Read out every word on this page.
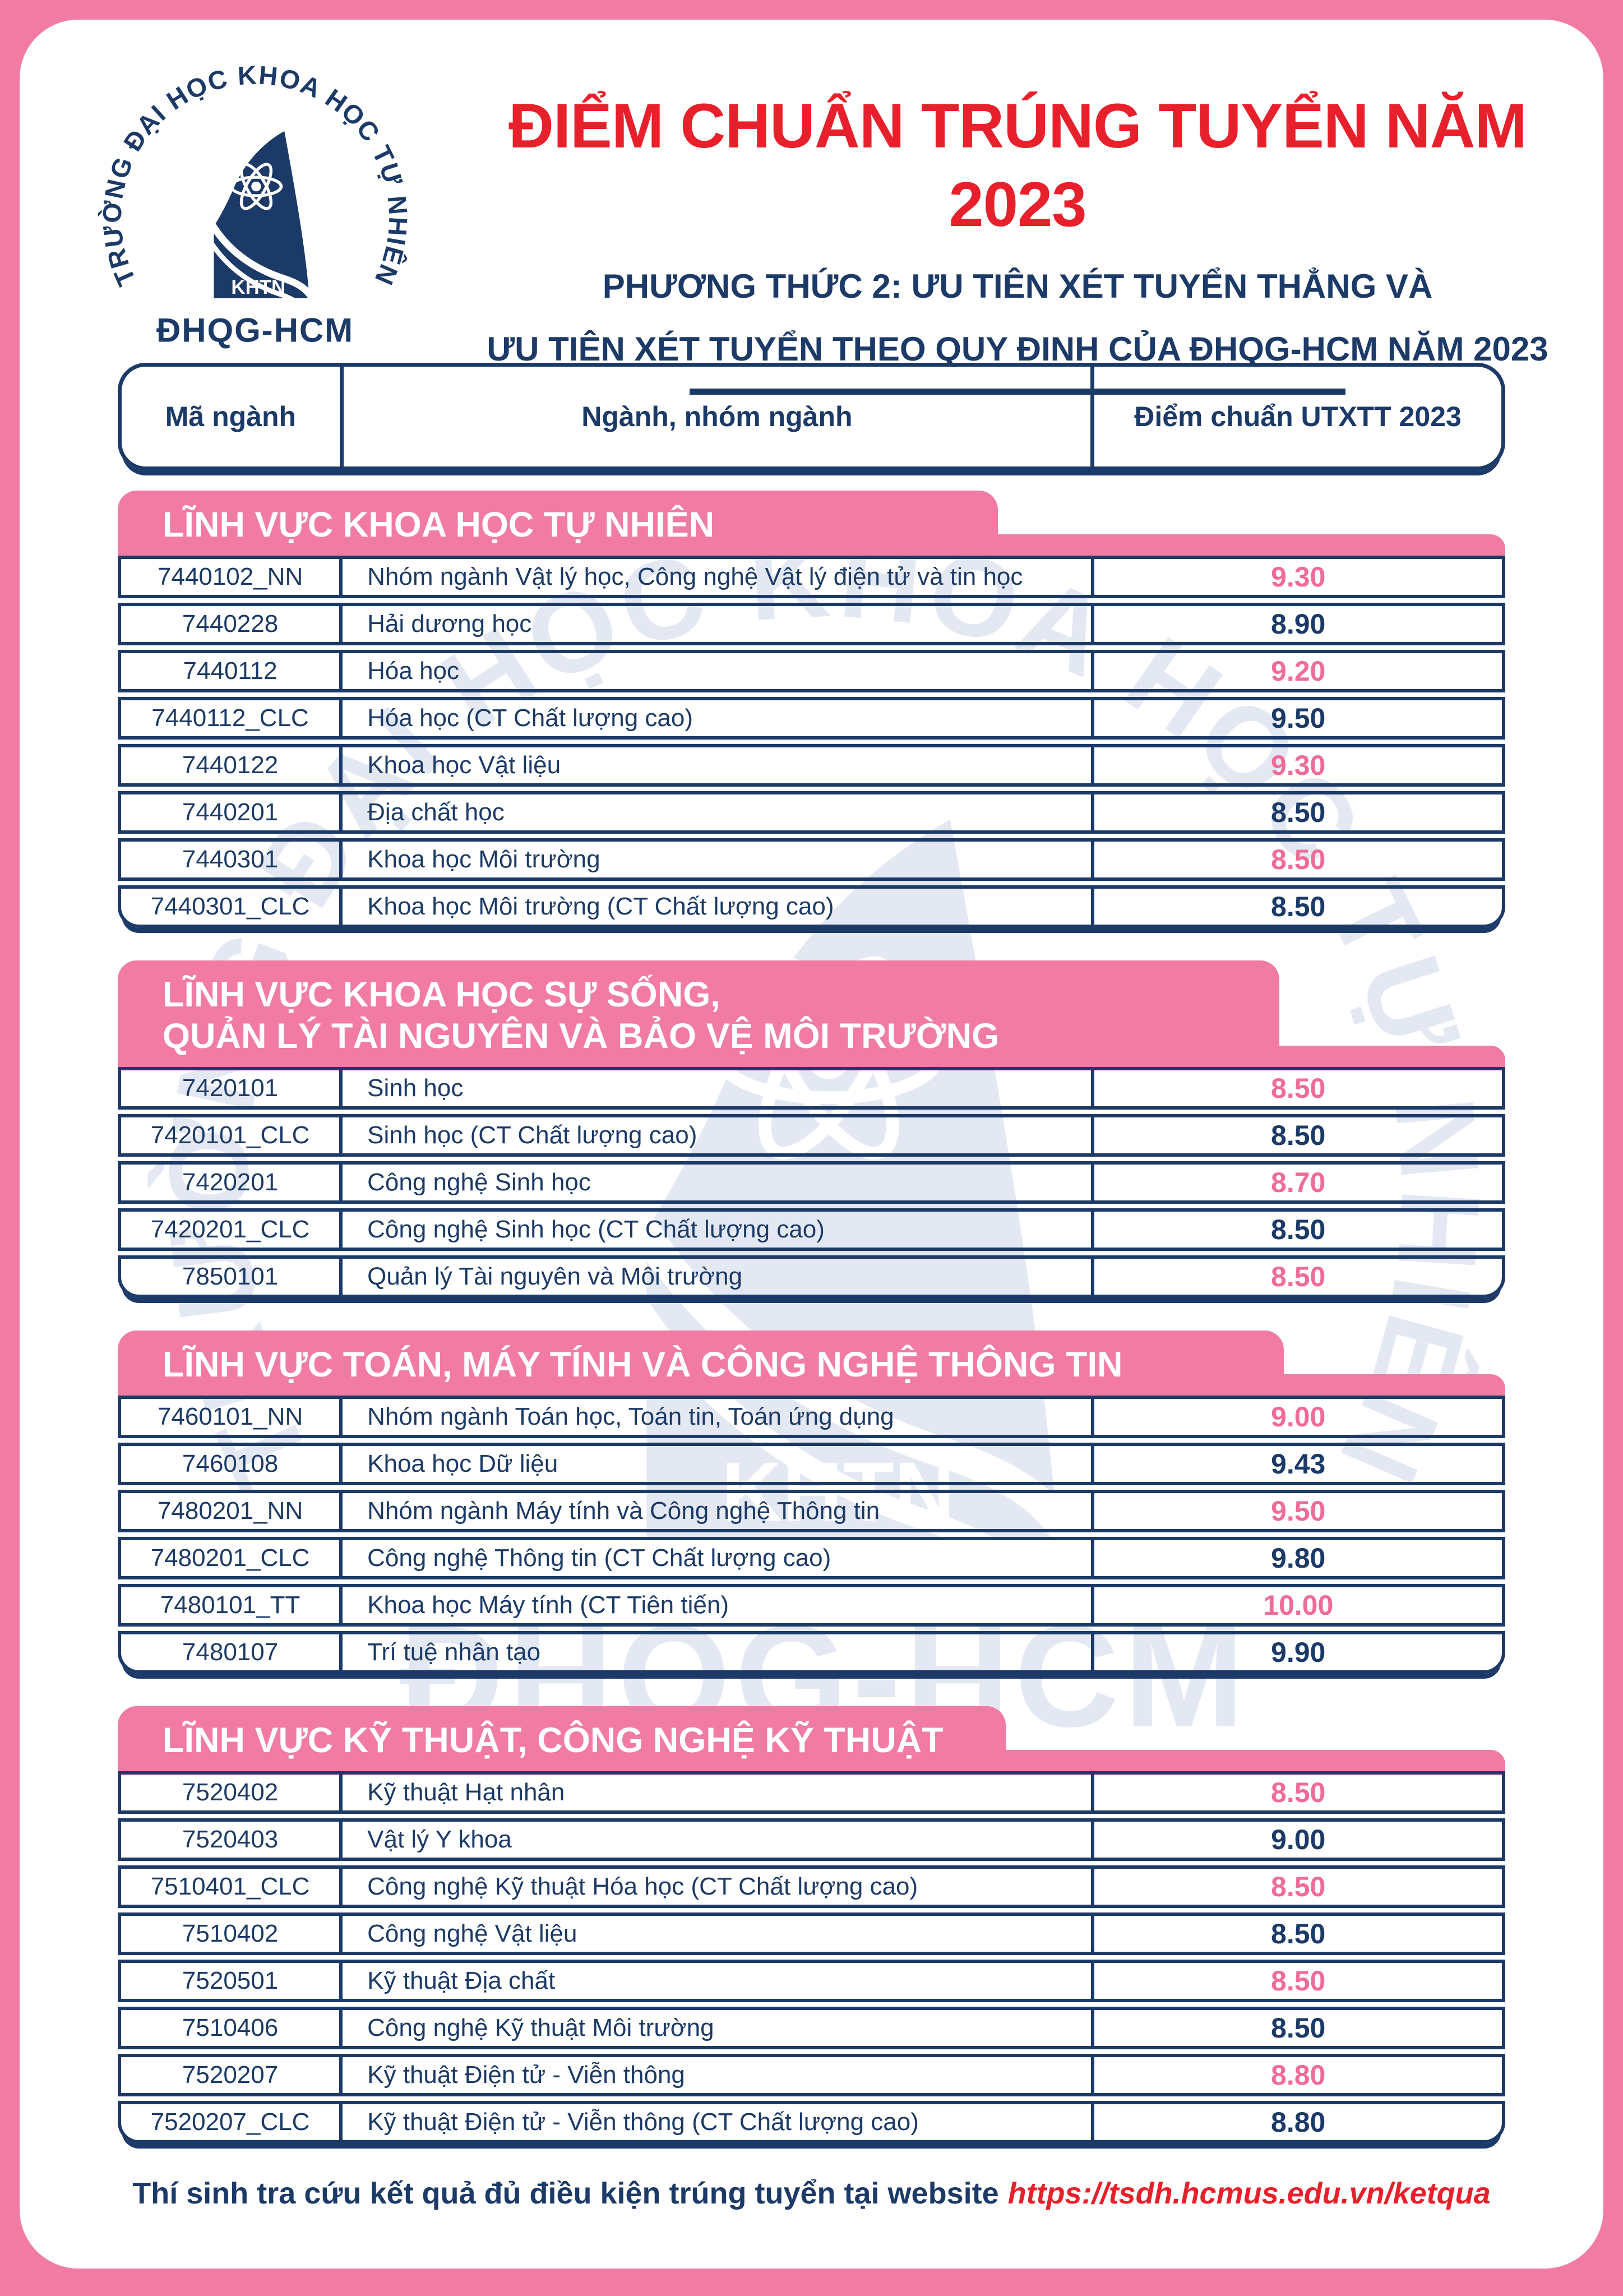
ĐIỂM CHUẨN TRÚNG TUYỂN NĂM 2023
PHƯƠNG THỨC 2: ƯU TIÊN XÉT TUYỂN THẲNG VÀ
ƯU TIÊN XÉT TUYỂN THEO QUY ĐỊNH CỦA ĐHQG-HCM NĂM 2023
Mã ngành	Ngành, nhóm ngành	Điểm chuẩn UTXTT 2023
LĨNH VỰC KHOA HỌC TỰ NHIÊN
7440102_NN	Nhóm ngành Vật lý học, Công nghệ Vật lý điện tử và tin học	9.30
7440228	Hải dương học	8.90
7440112	Hóa học	9.20
7440112_CLC	Hóa học (CT Chất lượng cao)	9.50
7440122	Khoa học Vật liệu	9.30
7440201	Địa chất học	8.50
7440301	Khoa học Môi trường	8.50
7440301_CLC	Khoa học Môi trường (CT Chất lượng cao)	8.50
LĨNH VỰC KHOA HỌC SỰ SỐNG,
QUẢN LÝ TÀI NGUYÊN VÀ BẢO VỆ MÔI TRƯỜNG
7420101	Sinh học	8.50
7420101_CLC	Sinh học (CT Chất lượng cao)	8.50
7420201	Công nghệ Sinh học	8.70
7420201_CLC	Công nghệ Sinh học (CT Chất lượng cao)	8.50
7850101	Quản lý Tài nguyên và Môi trường	8.50
LĨNH VỰC TOÁN, MÁY TÍNH VÀ CÔNG NGHỆ THÔNG TIN
7460101_NN	Nhóm ngành Toán học, Toán tin, Toán ứng dụng	9.00
7460108	Khoa học Dữ liệu	9.43
7480201_NN	Nhóm ngành Máy tính và Công nghệ Thông tin	9.50
7480201_CLC	Công nghệ Thông tin (CT Chất lượng cao)	9.80
7480101_TT	Khoa học Máy tính (CT Tiên tiến)	10.00
7480107	Trí tuệ nhân tạo	9.90
LĨNH VỰC KỸ THUẬT, CÔNG NGHỆ KỸ THUẬT
7520402	Kỹ thuật Hạt nhân	8.50
7520403	Vật lý Y khoa	9.00
7510401_CLC	Công nghệ Kỹ thuật Hóa học (CT Chất lượng cao)	8.50
7510402	Công nghệ Vật liệu	8.50
7520501	Kỹ thuật Địa chất	8.50
7510406	Công nghệ Kỹ thuật Môi trường	8.50
7520207	Kỹ thuật Điện tử - Viễn thông	8.80
7520207_CLC	Kỹ thuật Điện tử - Viễn thông (CT Chất lượng cao)	8.80
Thí sinh tra cứu kết quả đủ điều kiện trúng tuyển tại website https://tsdh.hcmus.edu.vn/ketqua
